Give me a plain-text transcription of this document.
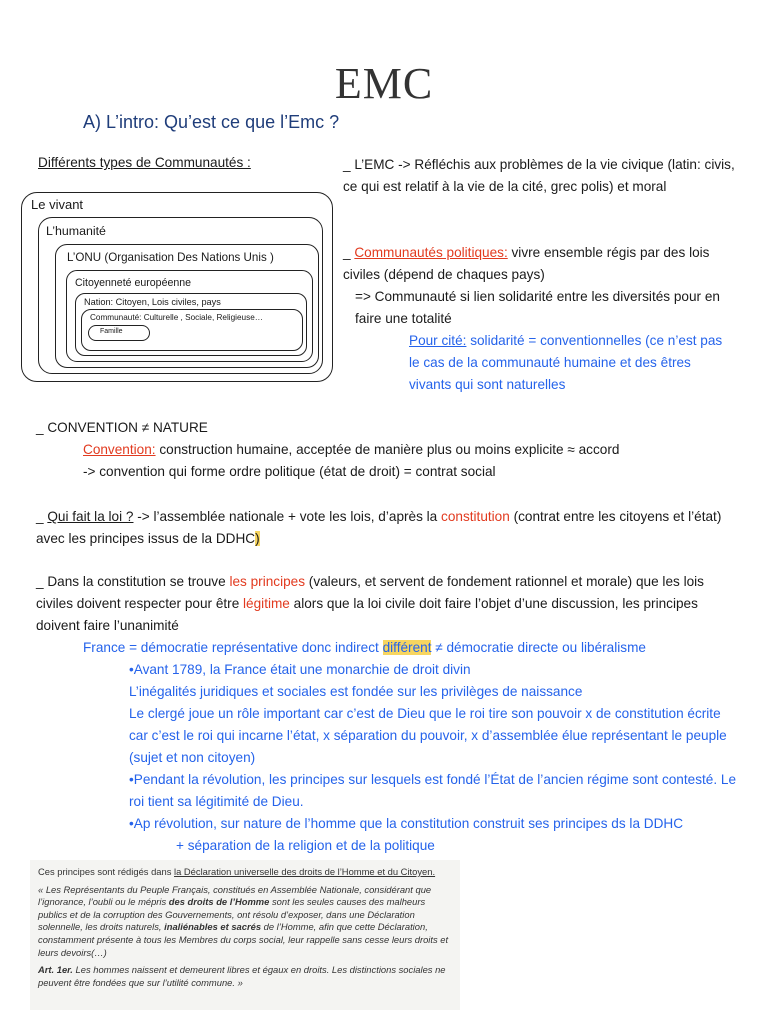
EMC
A) L’intro: Qu’est ce que l’Emc ?
Différents types de Communautés :
Le vivant
L’humanité
L’ONU (Organisation Des Nations Unis )
Citoyenneté européenne
Nation: Citoyen, Lois civiles, pays
Communauté: Culturelle , Sociale, Religieuse…
Famille
_ L’EMC -> Réfléchis aux problèmes de la vie civique (latin: civis, ce qui est relatif à la vie de la cité, grec polis) et moral
_ Communautés politiques: vivre ensemble régis par des lois civiles (dépend de chaques pays)
=> Communauté si lien solidarité entre les diversités pour en faire une totalité
Pour cité: solidarité = conventionnelles (ce n’est pas le cas de la communauté humaine et des êtres vivants qui sont naturelles
_ CONVENTION ≠ NATURE
Convention: construction humaine, acceptée de manière plus ou moins explicite ≈ accord
-> convention qui forme ordre politique (état de droit) = contrat social
_ Qui fait la loi ? -> l’assemblée nationale + vote les lois, d’après la constitution (contrat entre les citoyens et l’état) avec les principes issus de la DDHC)
_ Dans la constitution se trouve les principes (valeurs, et servent de fondement rationnel et morale) que les lois civiles doivent respecter pour être légitime alors que la loi civile doit faire l’objet d’une discussion, les principes doivent faire l’unanimité
France = démocratie représentative donc indirect différent ≠ démocratie directe ou libéralisme
•Avant 1789, la France était une monarchie de droit divin
L’inégalités juridiques et sociales est fondée sur les privilèges de naissance
Le clergé joue un rôle important car c’est de Dieu que le roi tire son pouvoir x de constitution écrite car c’est le roi qui incarne l’état, x séparation du pouvoir, x d’assemblée élue représentant le peuple (sujet et non citoyen)
•Pendant la révolution, les principes sur lesquels est fondé l’État de l’ancien régime sont contesté. Le roi tient sa légitimité de Dieu.
•Ap révolution, sur nature de l’homme que la constitution construit ses principes ds la DDHC
+ séparation de la religion et de la politique

Ces principes sont rédigés dans la Déclaration universelle des droits de l’Homme et du Citoyen.

« Les Représentants du Peuple Français, constitués en Assemblée Nationale, considérant que l’ignorance, l’oubli ou le mépris des droits de l’Homme sont les seules causes des malheurs publics et de la corruption des Gouvernements, ont résolu d’exposer, dans une Déclaration solennelle, les droits naturels, inaliénables et sacrés de l’Homme, afin que cette Déclaration, constamment présente à tous les Membres du corps social, leur rappelle sans cesse leurs droits et leurs devoirs(…)

Art. 1er. Les hommes naissent et demeurent libres et égaux en droits. Les distinctions sociales ne peuvent être fondées que sur l’utilité commune. »
